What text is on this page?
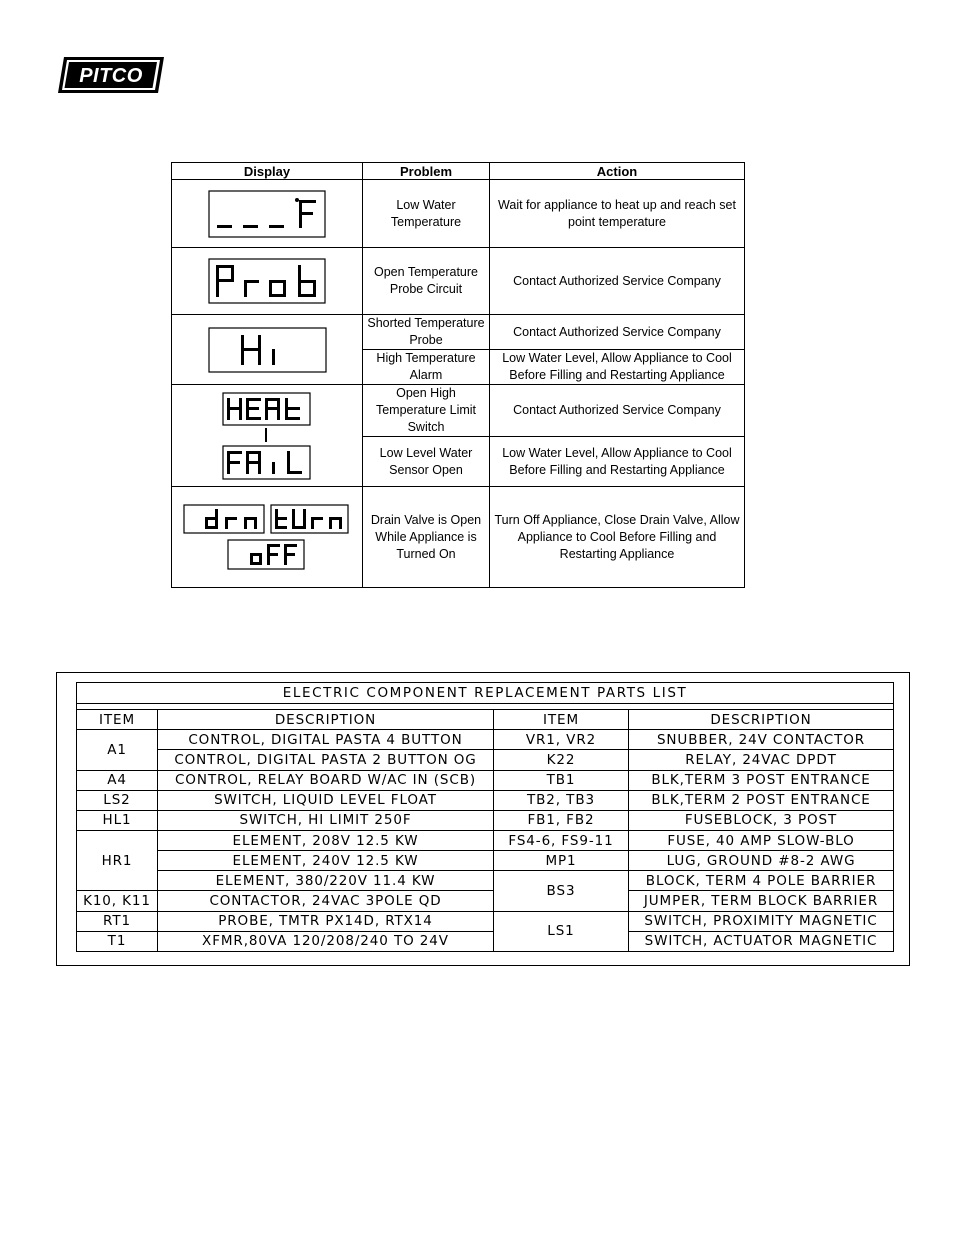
PITCO
Display	Problem	Action

	Low Water Temperature	Wait for appliance to heat up and reach set point temperature

	Open Temperature Probe Circuit	Contact Authorized Service Company

	Shorted Temperature Probe	Contact Authorized Service Company
	High Temperature Alarm	Low Water Level, Allow Appliance to Cool Before Filling and Restarting Appliance

	Open High Temperature Limit Switch	Contact Authorized Service Company
	Low Level Water Sensor Open	Low Water Level, Allow Appliance to Cool Before Filling and Restarting Appliance

	Drain Valve is Open While Appliance is Turned On	Turn Off Appliance, Close Drain Valve, Allow Appliance to Cool Before Filling and Restarting Appliance
ELECTRIC COMPONENT REPLACEMENT PARTS LIST			

ITEM	DESCRIPTION	ITEM	DESCRIPTION
A1	CONTROL, DIGITAL PASTA 4 BUTTON	VR1, VR2	SNUBBER, 24V CONTACTOR
	CONTROL, DIGITAL PASTA 2 BUTTON OG	K22	RELAY, 24VAC DPDT
A4	CONTROL, RELAY BOARD W/AC IN (SCB)	TB1	BLK,TERM 3 POST ENTRANCE
LS2	SWITCH, LIQUID LEVEL FLOAT	TB2, TB3	BLK,TERM 2 POST ENTRANCE
HL1	SWITCH, HI LIMIT 250F	FB1, FB2	FUSEBLOCK, 3 POST
HR1	ELEMENT, 208V 12.5 KW	FS4-6, FS9-11	FUSE, 40 AMP SLOW-BLO
	ELEMENT, 240V 12.5 KW	MP1	LUG, GROUND #8-2 AWG
	ELEMENT, 380/220V 11.4 KW	BS3	BLOCK, TERM 4 POLE BARRIER
K10, K11	CONTACTOR, 24VAC 3POLE QD		JUMPER, TERM BLOCK BARRIER
RT1	PROBE, TMTR PX14D, RTX14	LS1	SWITCH, PROXIMITY MAGNETIC
T1	XFMR,80VA 120/208/240 TO 24V		SWITCH, ACTUATOR MAGNETIC
